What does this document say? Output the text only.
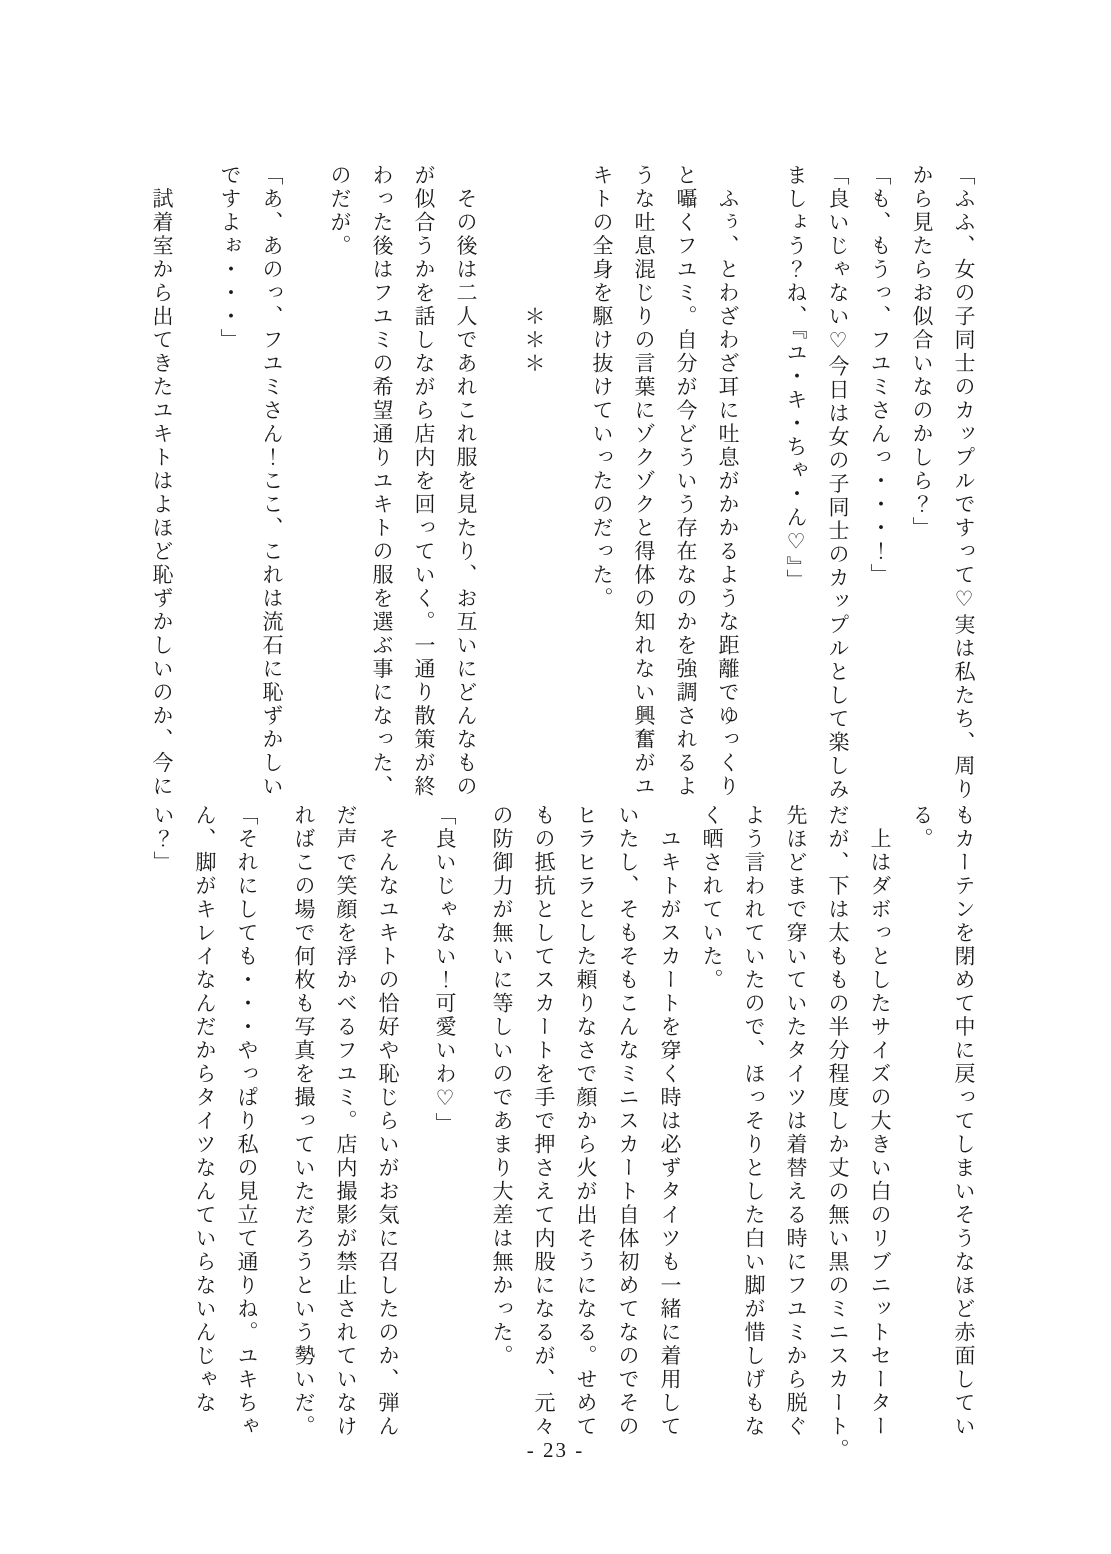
「ふふ、女の子同士のカップルですって♡実は私たち、周り

から見たらお似合いなのかしら？」

「も、もうっ、フユミさんっ・・・！」

「良いじゃない♡今日は女の子同士のカップルとして楽しみ

ましょう？ね、『ユ・キ・ちゃ・ん♡』」

　ふぅ、とわざわざ耳に吐息がかかるような距離でゆっくり

と囁くフユミ。自分が今どういう存在なのかを強調されるよ

うな吐息混じりの言葉にゾクゾクと得体の知れない興奮がユ

キトの全身を駆け抜けていったのだった。

　　　　　　＊＊＊

　その後は二人であれこれ服を見たり、お互いにどんなもの

が似合うかを話しながら店内を回っていく。一通り散策が終

わった後はフユミの希望通りユキトの服を選ぶ事になった、

のだが。

「あ、あのっ、フユミさん！ここ、これは流石に恥ずかしい

ですよぉ・・・」

　試着室から出てきたユキトはよほど恥ずかしいのか、今に

もカーテンを閉めて中に戻ってしまいそうなほど赤面してい

る。

　上はダボっとしたサイズの大きい白のリブニットセーター

だが、下は太ももの半分程度しか丈の無い黒のミニスカート。

先ほどまで穿いていたタイツは着替える時にフユミから脱ぐ

よう言われていたので、ほっそりとした白い脚が惜しげもな

く晒されていた。

　ユキトがスカートを穿く時は必ずタイツも一緒に着用して

いたし、そもそもこんなミニスカート自体初めてなのでその

ヒラヒラとした頼りなさで顔から火が出そうになる。せめて

もの抵抗としてスカートを手で押さえて内股になるが、元々

の防御力が無いに等しいのであまり大差は無かった。

「良いじゃない！可愛いわ♡」

　そんなユキトの恰好や恥じらいがお気に召したのか、弾ん

だ声で笑顔を浮かべるフユミ。店内撮影が禁止されていなけ

ればこの場で何枚も写真を撮っていただろうという勢いだ。

「それにしても・・・やっぱり私の見立て通りね。ユキちゃ

ん、脚がキレイなんだからタイツなんていらないんじゃな

い？」

- 23 -
